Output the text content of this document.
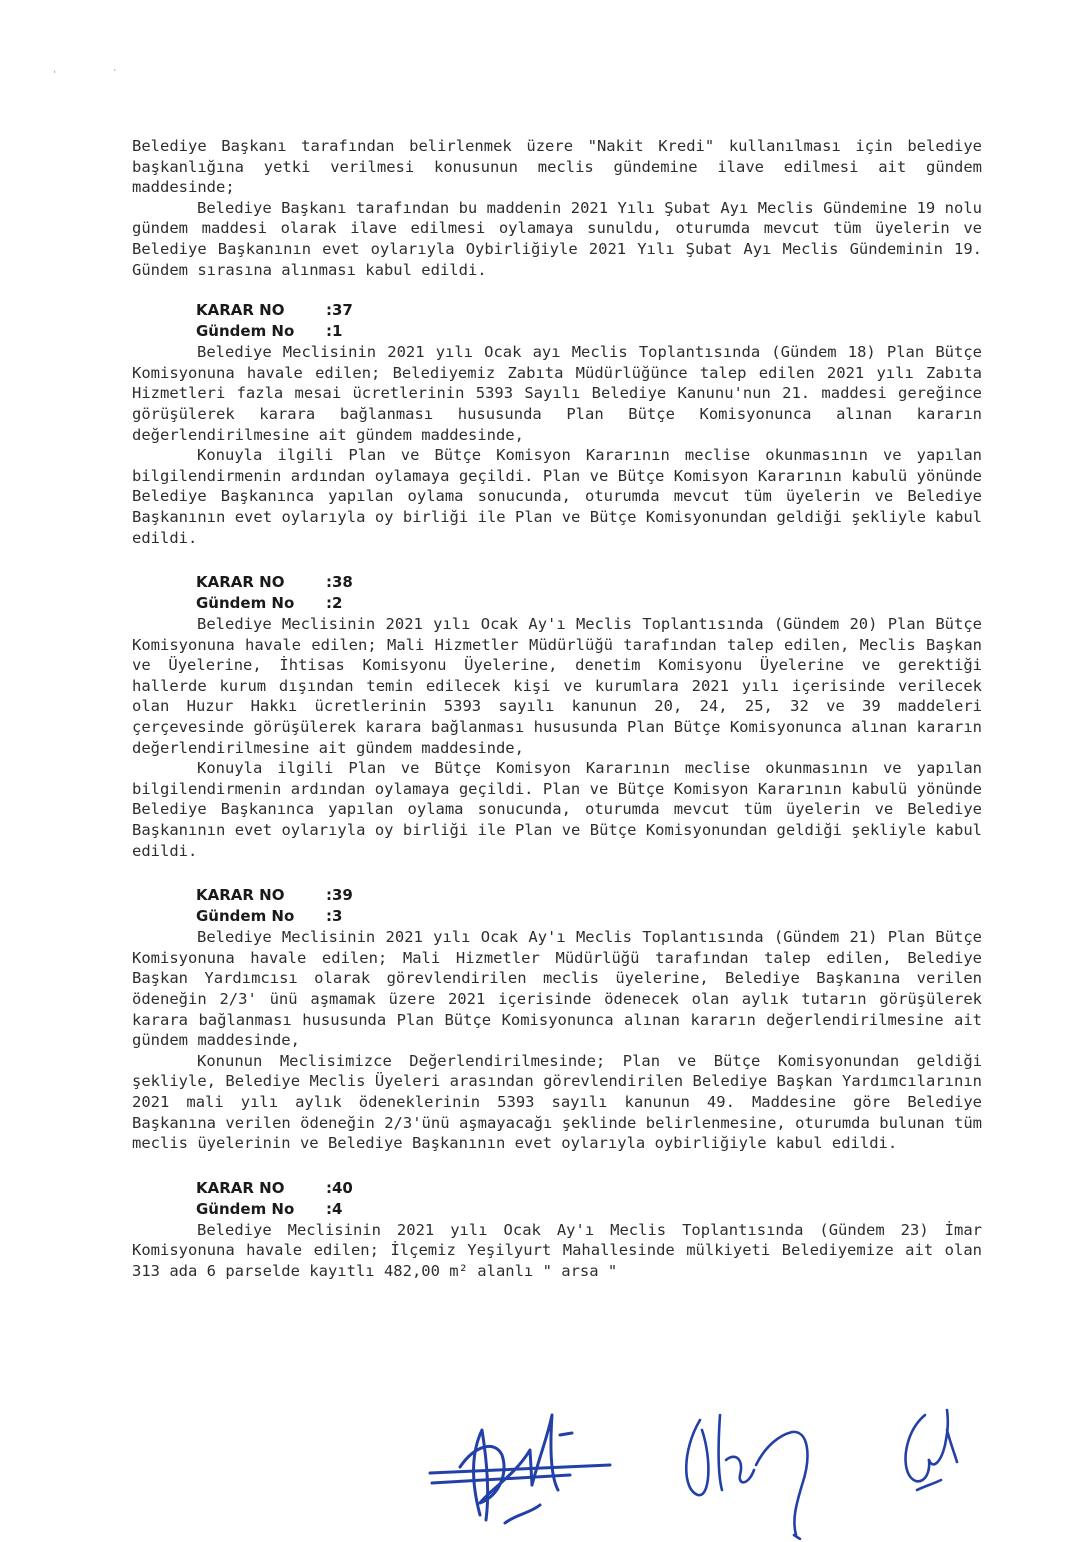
'	·

Belediye Başkanı tarafından belirlenmek üzere "Nakit Kredi" kullanılması için belediye başkanlığına yetki verilmesi konusunun meclis gündemine ilave edilmesi ait gündem maddesinde;

Belediye Başkanı tarafından bu maddenin 2021 Yılı Şubat Ayı Meclis Gündemine 19 nolu gündem maddesi olarak ilave edilmesi oylamaya sunuldu, oturumda mevcut tüm üyelerin ve Belediye Başkanının evet oylarıyla Oybirliğiyle 2021 Yılı Şubat Ayı Meclis Gündeminin 19. Gündem sırasına alınması kabul edildi.

KARAR NO	:37
Gündem No :1

Belediye Meclisinin 2021 yılı Ocak ayı Meclis Toplantısında (Gündem 18) Plan Bütçe Komisyonuna havale edilen; Belediyemiz Zabıta Müdürlüğünce talep edilen 2021 yılı Zabıta Hizmetleri fazla mesai ücretlerinin 5393 Sayılı Belediye Kanunu'nun 21. maddesi gereğince görüşülerek karara bağlanması hususunda Plan Bütçe Komisyonunca alınan kararın değerlendirilmesine ait gündem maddesinde,

Konuyla ilgili Plan ve Bütçe Komisyon Kararının meclise okunmasının ve yapılan bilgilendirmenin ardından oylamaya geçildi. Plan ve Bütçe Komisyon Kararının kabulü yönünde Belediye Başkanınca yapılan oylama sonucunda, oturumda mevcut tüm üyelerin ve Belediye Başkanının evet oylarıyla oy birliği ile Plan ve Bütçe Komisyonundan geldiği şekliyle kabul edildi.

KARAR NO	:38
Gündem No :2

Belediye Meclisinin 2021 yılı Ocak Ay'ı Meclis Toplantısında (Gündem 20) Plan Bütçe Komisyonuna havale edilen; Mali Hizmetler Müdürlüğü tarafından talep edilen, Meclis Başkan ve Üyelerine, İhtisas Komisyonu Üyelerine, denetim Komisyonu Üyelerine ve gerektiği hallerde kurum dışından temin edilecek kişi ve kurumlara 2021 yılı içerisinde verilecek olan Huzur Hakkı ücretlerinin 5393 sayılı kanunun 20, 24, 25, 32 ve 39 maddeleri çerçevesinde görüşülerek karara bağlanması hususunda Plan Bütçe Komisyonunca alınan kararın değerlendirilmesine ait gündem maddesinde,

Konuyla ilgili Plan ve Bütçe Komisyon Kararının meclise okunmasının ve yapılan bilgilendirmenin ardından oylamaya geçildi. Plan ve Bütçe Komisyon Kararının kabulü yönünde Belediye Başkanınca yapılan oylama sonucunda, oturumda mevcut tüm üyelerin ve Belediye Başkanının evet oylarıyla oy birliği ile Plan ve Bütçe Komisyonundan geldiği şekliyle kabul edildi.

KARAR NO	:39
Gündem No :3

Belediye Meclisinin 2021 yılı Ocak Ay'ı Meclis Toplantısında (Gündem 21) Plan Bütçe Komisyonuna havale edilen; Mali Hizmetler Müdürlüğü tarafından talep edilen, Belediye Başkan Yardımcısı olarak görevlendirilen meclis üyelerine, Belediye Başkanına verilen ödeneğin 2/3' ünü aşmamak üzere 2021 içerisinde ödenecek olan aylık tutarın görüşülerek karara bağlanması hususunda Plan Bütçe Komisyonunca alınan kararın değerlendirilmesine ait gündem maddesinde,

Konunun Meclisimizce Değerlendirilmesinde; Plan ve Bütçe Komisyonundan geldiği şekliyle, Belediye Meclis Üyeleri arasından görevlendirilen Belediye Başkan Yardımcılarının 2021 mali yılı aylık ödeneklerinin 5393 sayılı kanunun 49. Maddesine göre Belediye Başkanına verilen ödeneğin 2/3'ünü aşmayacağı şeklinde belirlenmesine, oturumda bulunan tüm meclis üyelerinin ve Belediye Başkanının evet oylarıyla oybirliğiyle kabul edildi.

KARAR NO	:40
Gündem No :4

Belediye Meclisinin 2021 yılı Ocak Ay'ı Meclis Toplantısında (Gündem 23) İmar Komisyonuna havale edilen; İlçemiz Yeşilyurt Mahallesinde mülkiyeti Belediyemize ait olan 313 ada 6 parselde kayıtlı 482,00 m² alanlı " arsa "
